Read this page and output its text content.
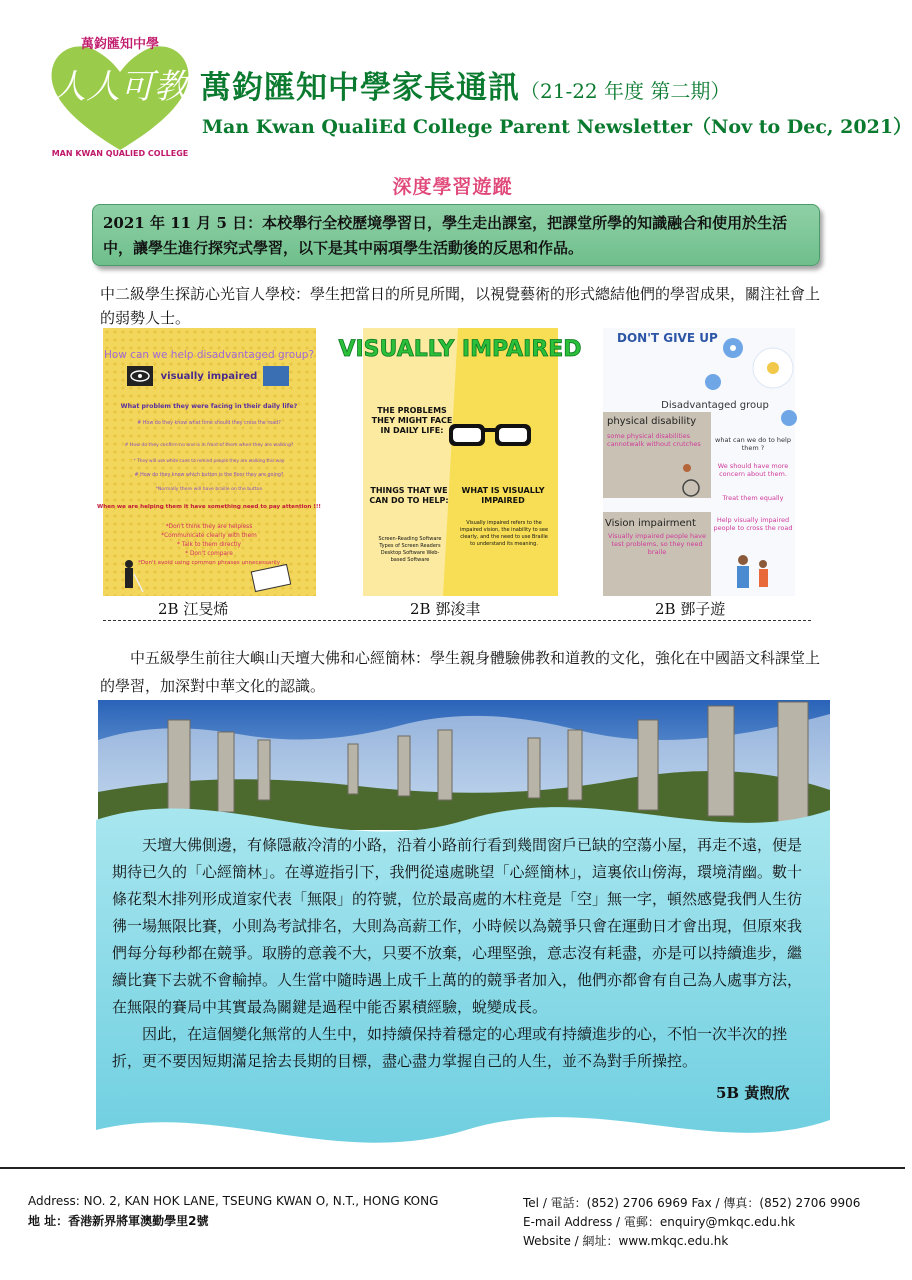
人人可教
萬鈞匯知中學
MAN KWAN QUALIED COLLEGE
萬鈞匯知中學家長通訊（21-22 年度 第二期）
Man Kwan QualiEd College Parent Newsletter（Nov to Dec, 2021）
深度學習遊蹤
2021 年 11 月 5 日：本校舉行全校歷境學習日，學生走出課室，把課堂所學的知識融合和使用於生活中，讓學生進行探究式學習，以下是其中兩項學生活動後的反思和作品。
中二級學生探訪心光盲人學校：學生把當日的所見所聞，以視覺藝術的形式總結他們的學習成果，關注社會上的弱勢人士。
How can we help disadvantaged group?
visually impaired
What problem they were facing in their daily life?
# How do they know what time should they cross the road?
# How do they confirm no one is in front of them when they are walking?
* They will use white cane to remind people they are walking this way
# How do they know which button is the floor they are going?
*Normally there will have braille on the button
When we are helping them it have something need to pay attention !!!
*Don't think they are helpless
*Communicate clearly with them
* Talk to them directly
* Don't compare
*Don't avoid using common phrases unnecessarily
VISUALLY IMPAIRED
THE PROBLEMS THEY MIGHT FACE IN DAILY LIFE:
THINGS THAT WE CAN DO TO HELP:
Screen-Reading Software Types of Screen Readers Desktop Software Web-based Software
WHAT IS VISUALLY IMPAIRED
Visually impaired refers to the impaired vision, the inability to see clearly, and the need to use Braille to understand its meaning.
DON'T GIVE UP
Disadvantaged group
physical disability
some physical disabilities cannotwalk without crutches	what can we do to help them ?
We should have more concern about them.
Treat them equally
Vision impairment
Visually impaired people have test problems, so they need braile
Help visually impaired people to cross the road
2B 江旻烯	2B 鄧浚聿	2B 鄧子遊
中五級學生前往大嶼山天壇大佛和心經簡林：學生親身體驗佛教和道教的文化，強化在中國語文科課堂上的學習，加深對中華文化的認識。

天壇大佛側邊，有條隱蔽冷清的小路，沿着小路前行看到幾間窗戶已缺的空蕩小屋，再走不遠，便是期待已久的「心經簡林」。在導遊指引下，我們從遠處眺望「心經簡林」，這裏依山傍海，環境清幽。數十條花梨木排列形成道家代表「無限」的符號，位於最高處的木柱竟是「空」無一字，頓然感覺我們人生彷彿一場無限比賽，小則為考試排名，大則為高薪工作，小時候以為競爭只會在運動日才會出現，但原來我們每分每秒都在競爭。取勝的意義不大，只要不放棄，心理堅強，意志沒有耗盡，亦是可以持續進步，繼續比賽下去就不會輸掉。人生當中隨時遇上成千上萬的的競爭者加入，他們亦都會有自己為人處事方法，在無限的賽局中其實最為關鍵是過程中能否累積經驗，蛻變成長。

因此，在這個變化無常的人生中，如持續保持着穩定的心理或有持續進步的心，不怕一次半次的挫折，更不要因短期滿足捨去長期的目標，盡心盡力掌握自己的人生，並不為對手所操控。

5B 黃煦欣
Address: NO. 2, KAN HOK LANE, TSEUNG KWAN O, N.T., HONG KONG
地 址：香港新界將軍澳勤學里2號
Tel / 電話：(852) 2706 6969 Fax / 傳真：(852) 2706 9906
E-mail Address / 電郵：enquiry@mkqc.edu.hk
Website / 網址：www.mkqc.edu.hk
